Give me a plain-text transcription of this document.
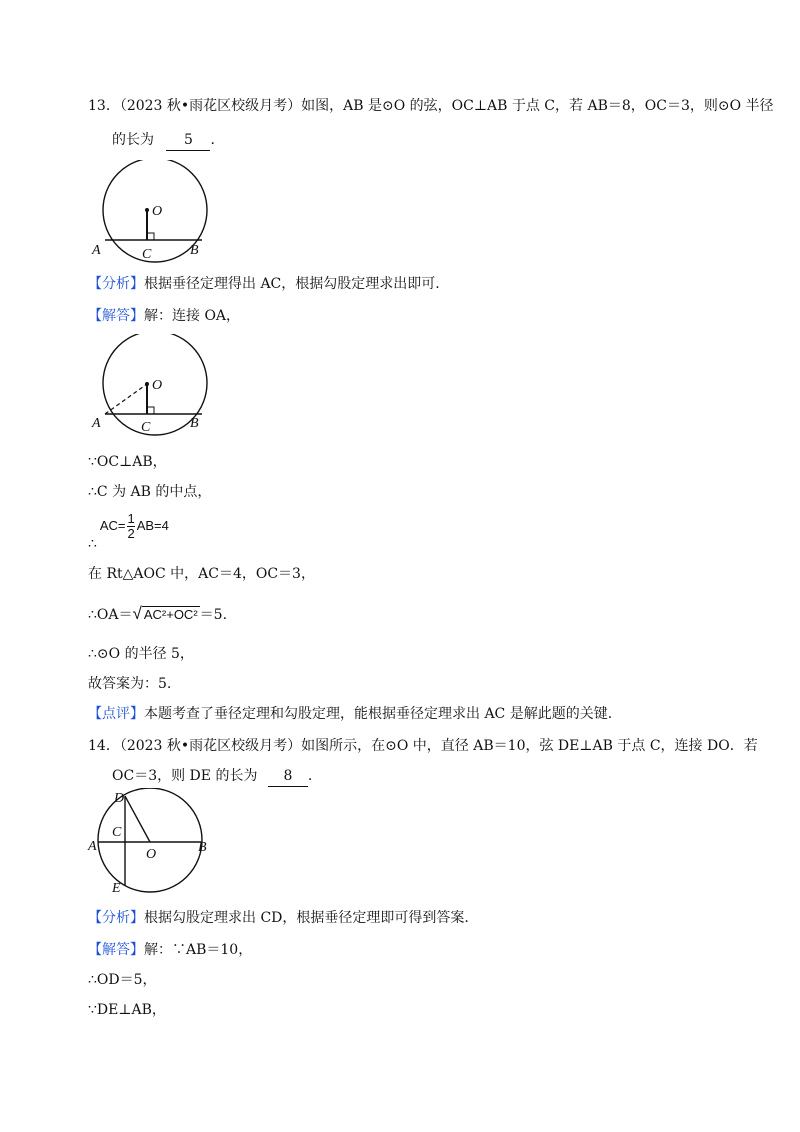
13．（2023 秋•雨花区校级月考）如图，AB 是⊙O 的弦，OC⊥AB 于点 C，若 AB＝8，OC＝3，则⊙O 半径
的长为 5 .
O
A	B
C
【分析】根据垂径定理得出 AC，根据勾股定理求出即可.
【解答】解：连接 OA，
O
A	B
C
∵OC⊥AB，
∴C 为 AB 的中点，
∴ $AC= \frac{1}{2} AB=4$
在 Rt△AOC 中，AC＝4，OC＝3，
∴OA＝√ AC²+OC² ＝5.
∴⊙O 的半径 5，
故答案为：5.
【点评】本题考查了垂径定理和勾股定理，能根据垂径定理求出 AC 是解此题的关键.
14．（2023 秋•雨花区校级月考）如图所示，在⊙O 中，直径 AB＝10，弦 DE⊥AB 于点 C，连接 DO．若
OC＝3，则 DE 的长为 8 .
D
C
A
O	B
E
【分析】根据勾股定理求出 CD，根据垂径定理即可得到答案.
【解答】解：∵AB＝10，
∴OD＝5，
∵DE⊥AB，
